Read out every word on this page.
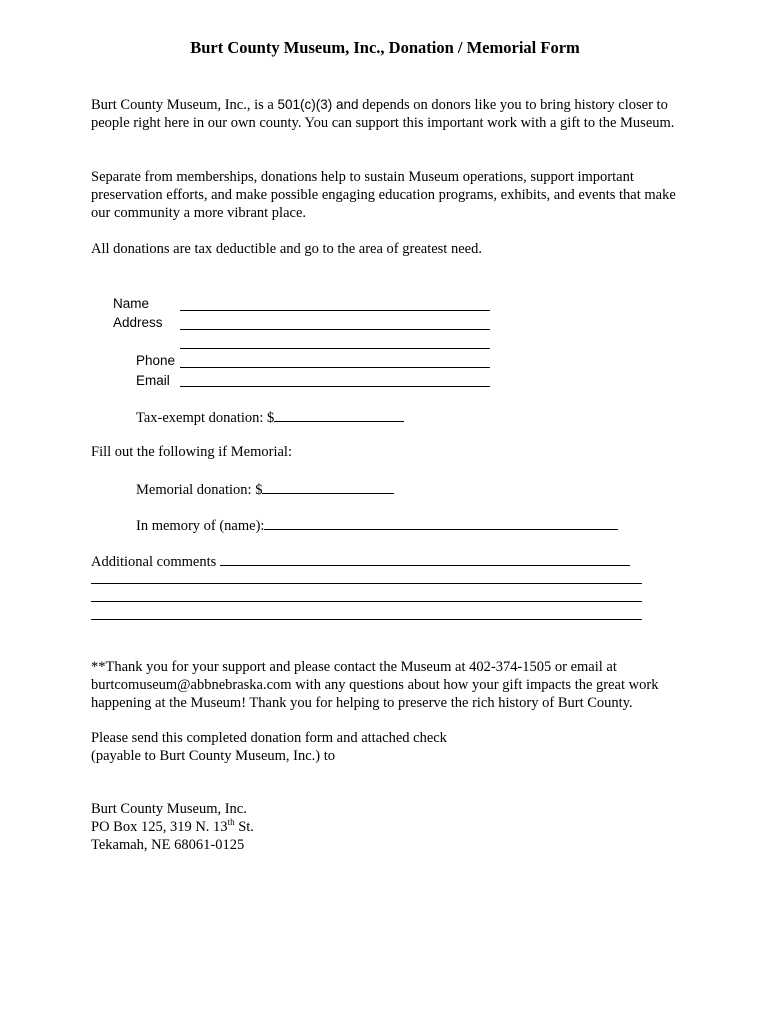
Burt County Museum, Inc., Donation / Memorial Form
Burt County Museum, Inc., is a 501(c)(3) and depends on donors like you to bring history closer to people right here in our own county. You can support this important work with a gift to the Museum.
Separate from memberships, donations help to sustain Museum operations, support important preservation efforts, and make possible engaging education programs, exhibits, and events that make our community a more vibrant place.
All donations are tax deductible and go to the area of greatest need.
Name
Address
Phone
Email
Tax-exempt donation: $
Fill out the following if Memorial:
Memorial donation: $
In memory of (name):
Additional comments
**Thank you for your support and please contact the Museum at 402-374-1505 or email at burtcomuseum@abbnebraska.com with any questions about how your gift impacts the great work happening at the Museum! Thank you for helping to preserve the rich history of Burt County.
Please send this completed donation form and attached check
(payable to Burt County Museum, Inc.) to
Burt County Museum, Inc.
PO Box 125, 319 N. 13th St.
Tekamah, NE 68061-0125
